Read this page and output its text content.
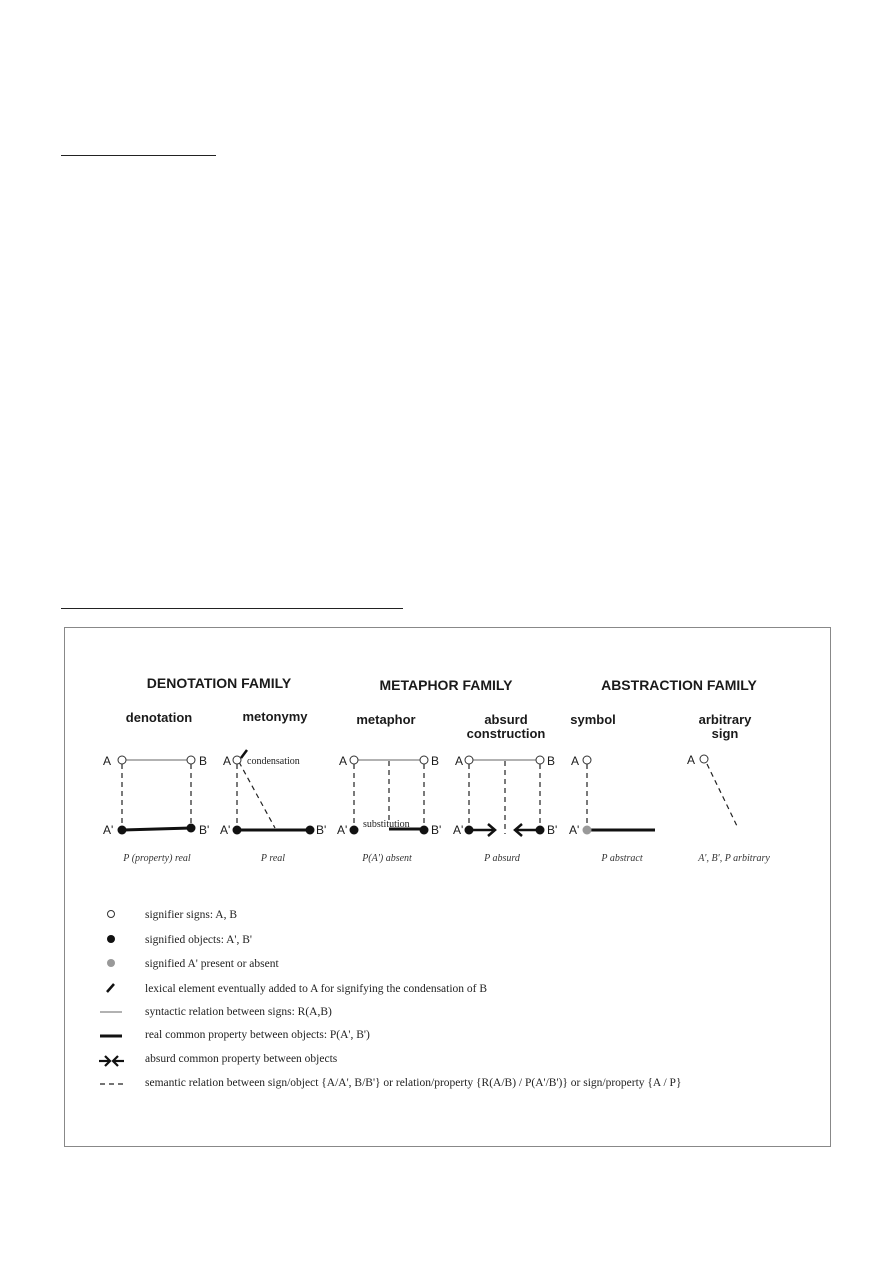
DENOTATION FAMILY	METAPHOR FAMILY	ABSTRACTION FAMILY
denotation	metonymy	metaphor	absurd
construction
symbol	arbitrary
sign
A	B
A'	B'
P (property) real
condensation
A
A'	B'
P real
substitution
A	B
A'	B'
P(A') absent
A	B
A'	B'
P absurd
A
A'
P abstract
A
A', B', P arbitrary
signifier signs: A, B
signified objects: A', B'
signified A' present or absent
lexical element eventually added to A for signifying the condensation of B
syntactic relation between signs: R(A,B)
real common property between objects: P(A', B')
absurd common property between objects
semantic relation between sign/object {A/A', B/B'} or relation/property {R(A/B) / P(A'/B')} or sign/property {A / P}
